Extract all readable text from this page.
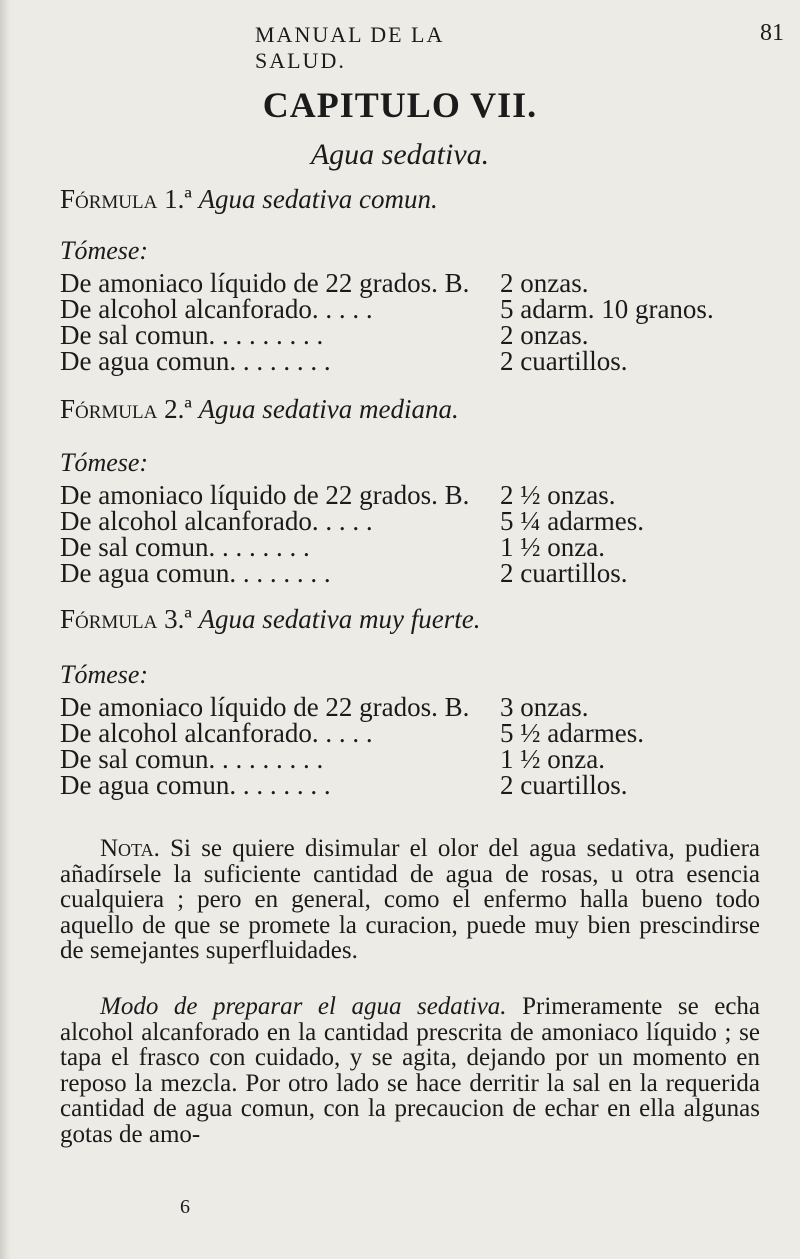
MANUAL DE LA SALUD.
81
CAPITULO VII.
Agua sedativa.
Fórmula 1.ª Agua sedativa comun.
Tómese:
De amoniaco líquido de 22 grados. B. 2 onzas.
De alcohol alcanforado. . . . .	5 adarm. 10 granos.
De sal comun. . . . . . . . .	2 onzas.
De agua comun. . . . . . . .	2 cuartillos.
Fórmula 2.ª Agua sedativa mediana.
Tómese:
De amoniaco líquido de 22 grados. B. 2 ½ onzas.
De alcohol alcanforado. . . . .	5 ¼ adarmes.
De sal comun. . . . . . . .	1 ½ onza.
De agua comun. . . . . . . .	2 cuartillos.
Fórmula 3.ª Agua sedativa muy fuerte.
Tómese:
De amoniaco líquido de 22 grados. B. 3 onzas.
De alcohol alcanforado. . . . .	5 ½ adarmes.
De sal comun. . . . . . . . .	1 ½ onza.
De agua comun. . . . . . . .	2 cuartillos.
Nota. Si se quiere disimular el olor del agua sedativa, pudiera añadírsele la suficiente cantidad de agua de rosas, u otra esencia cualquiera ; pero en general, como el enfermo halla bueno todo aquello de que se promete la curacion, puede muy bien prescindirse de semejantes superfluidades.
Modo de preparar el agua sedativa. Primeramente se echa alcohol alcanforado en la cantidad prescrita de amoniaco líquido ; se tapa el frasco con cuidado, y se agita, dejando por un momento en reposo la mezcla. Por otro lado se hace derritir la sal en la requerida cantidad de agua comun, con la precaucion de echar en ella algunas gotas de amo-
6
